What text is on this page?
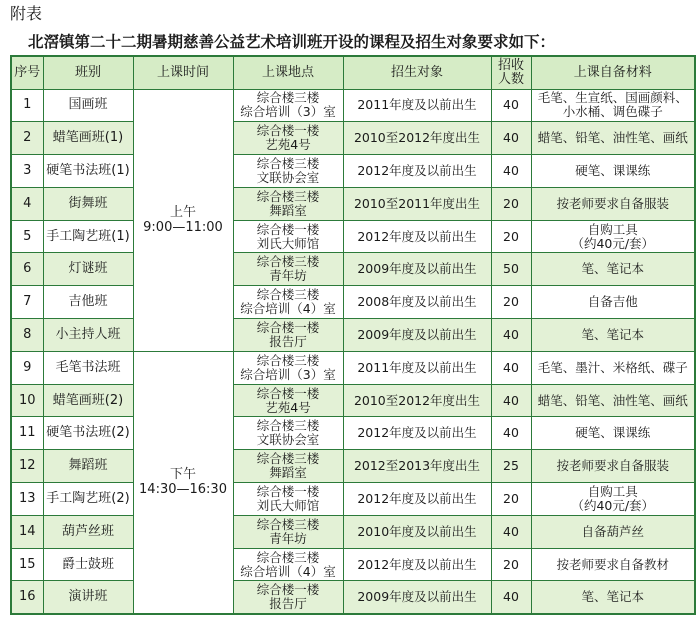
附表
北滘镇第二十二期暑期慈善公益艺术培训班开设的课程及招生对象要求如下：
序号	班别	上课时间	上课地点	招生对象	招收
人数	上课自备材料
1	国画班	上午
9:00—11:00	综合楼三楼
综合培训（3）室	2011年度及以前出生	40	毛笔、生宣纸、国画颜料、
小水桶、调色碟子
2	蜡笔画班(1)		综合楼一楼
艺苑4号	2010至2012年度出生	40	蜡笔、铅笔、油性笔、画纸
3	硬笔书法班(1)		综合楼三楼
文联协会室	2012年度及以前出生	40	硬笔、课课练
4	街舞班		综合楼三楼
舞蹈室	2010至2011年度出生	20	按老师要求自备服装
5	手工陶艺班(1)		综合楼一楼
刘氏大师馆	2012年度及以前出生	20	自购工具
（约40元/套）
6	灯谜班		综合楼三楼
青年坊	2009年度及以前出生	50	笔、笔记本
7	吉他班		综合楼三楼
综合培训（4）室	2008年度及以前出生	20	自备吉他
8	小主持人班		综合楼一楼
报告厅	2009年度及以前出生	40	笔、笔记本
9	毛笔书法班	下午
14:30—16:30	综合楼三楼
综合培训（3）室	2011年度及以前出生	40	毛笔、墨汁、米格纸、碟子
10	蜡笔画班(2)		综合楼一楼
艺苑4号	2010至2012年度出生	40	蜡笔、铅笔、油性笔、画纸
11	硬笔书法班(2)		综合楼三楼
文联协会室	2012年度及以前出生	40	硬笔、课课练
12	舞蹈班		综合楼三楼
舞蹈室	2012至2013年度出生	25	按老师要求自备服装
13	手工陶艺班(2)		综合楼一楼
刘氏大师馆	2012年度及以前出生	20	自购工具
（约40元/套）
14	葫芦丝班		综合楼三楼
青年坊	2010年度及以前出生	40	自备葫芦丝
15	爵士鼓班		综合楼三楼
综合培训（4）室	2012年度及以前出生	20	按老师要求自备教材
16	演讲班		综合楼一楼
报告厅	2009年度及以前出生	40	笔、笔记本
